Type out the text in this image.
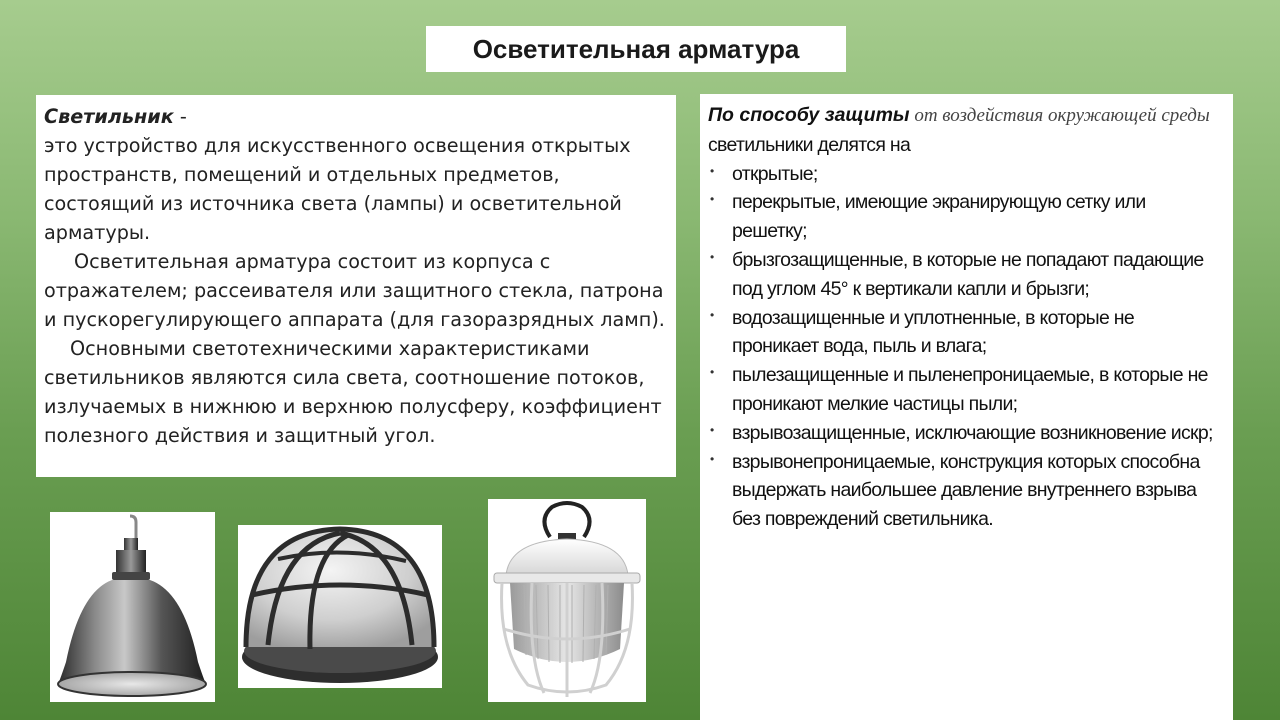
Осветительная арматура

Светильник -
это устройство для искусственного освещения открытых пространств, помещений и отдельных предметов, состоящий из источника света (лампы) и осветительной арматуры.

Осветительная арматура состоит из корпуса с отражателем; рассеивателя или защитного стекла, патрона и пускорегулирующего аппарата (для газоразрядных ламп).

Основными светотехническими характеристиками светильников являются сила света, соотношение потоков, излучаемых в нижнюю и верхнюю полусферу, коэффициент полезного действия и защитный угол.

По способу защиты от воздействия окружающей среды светильники делятся на

• открытые;
• перекрытые, имеющие экранирующую сетку или решетку;
• брызгозащищенные, в которые не попадают падающие под углом 45° к вертикали капли и брызги;
• водозащищенные и уплотненные, в которые не проникает вода, пыль и влага;
• пылезащищенные и пыленепроницаемые, в которые не проникают мелкие частицы пыли;
• взрывозащищенные, исключающие возникновение искр;
• взрывонепроницаемые, конструкция которых способна выдержать наибольшее давление внутреннего взрыва без повреждений светильника.
